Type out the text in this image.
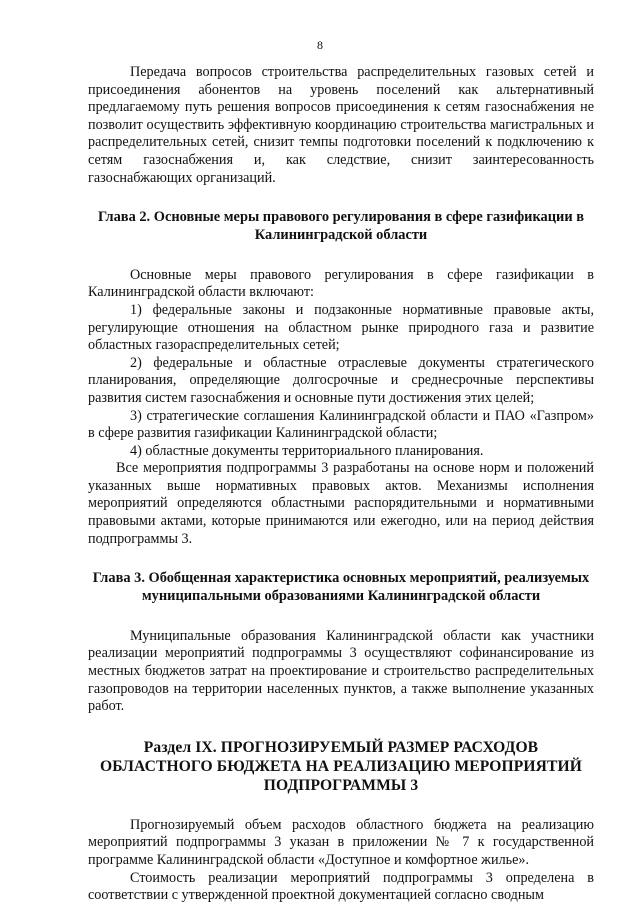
8

Передача вопросов строительства распределительных газовых сетей и присоединения абонентов на уровень поселений как альтернативный предлагаемому путь решения вопросов присоединения к сетям газоснабжения не позволит осуществить эффективную координацию строительства магистральных и распределительных сетей, снизит темпы подготовки поселений к подключению к сетям газоснабжения и, как следствие, снизит заинтересованность газоснабжающих организаций.

Глава 2. Основные меры правового регулирования в сфере газификации в Калининградской области

Основные меры правового регулирования в сфере газификации в Калининградской области включают:

1) федеральные законы и подзаконные нормативные правовые акты, регулирующие отношения на областном рынке природного газа и развитие областных газораспределительных сетей;

2) федеральные и областные отраслевые документы стратегического планирования, определяющие долгосрочные и среднесрочные перспективы развития систем газоснабжения и основные пути достижения этих целей;

3) стратегические соглашения Калининградской области и ПАО «Газпром» в сфере развития газификации Калининградской области;

4) областные документы территориального планирования.

Все мероприятия подпрограммы 3 разработаны на основе норм и положений указанных выше нормативных правовых актов. Механизмы исполнения мероприятий определяются областными распорядительными и нормативными правовыми актами, которые принимаются или ежегодно, или на период действия подпрограммы 3.

Глава 3. Обобщенная характеристика основных мероприятий, реализуемых муниципальными образованиями Калининградской области

Муниципальные образования Калининградской области как участники реализации мероприятий подпрограммы 3 осуществляют софинансирование из местных бюджетов затрат на проектирование и строительство распределительных газопроводов на территории населенных пунктов, а также выполнение указанных работ.

Раздел IX. ПРОГНОЗИРУЕМЫЙ РАЗМЕР РАСХОДОВ ОБЛАСТНОГО БЮДЖЕТА НА РЕАЛИЗАЦИЮ МЕРОПРИЯТИЙ ПОДПРОГРАММЫ 3

Прогнозируемый объем расходов областного бюджета на реализацию мероприятий подпрограммы 3 указан в приложении № 7 к государственной программе Калининградской области «Доступное и комфортное жилье».

Стоимость реализации мероприятий подпрограммы 3 определена в соответствии с утвержденной проектной документацией согласно сводным
